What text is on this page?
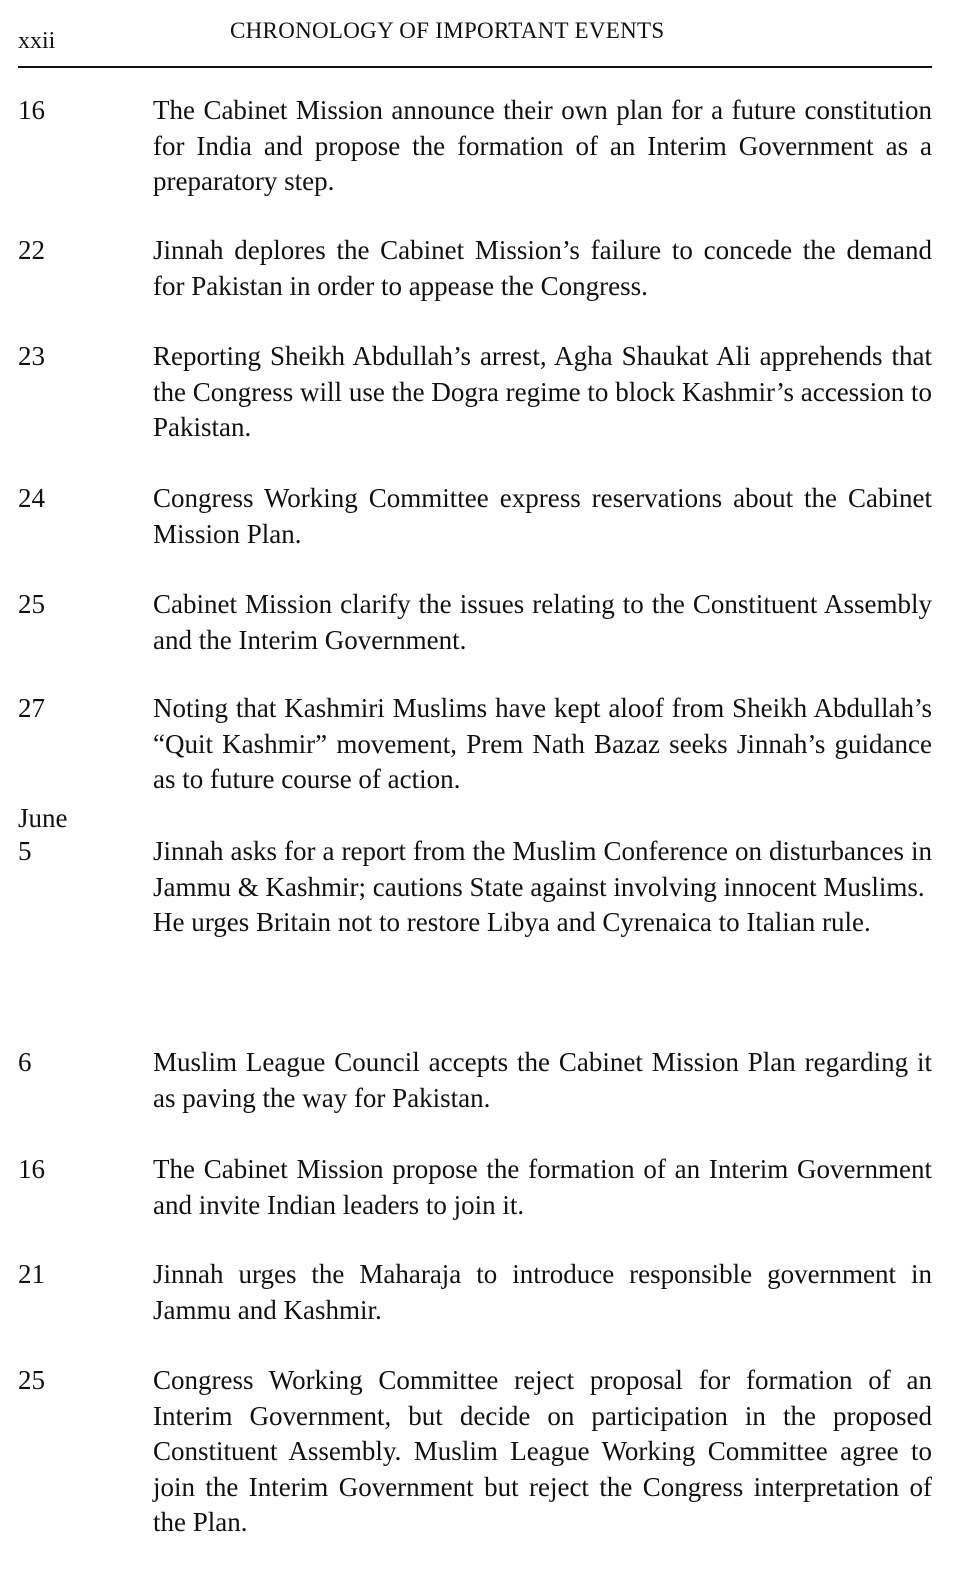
xxii	CHRONOLOGY OF IMPORTANT EVENTS
16	The Cabinet Mission announce their own plan for a future constitution for India and propose the formation of an Interim Government as a preparatory step.

22	Jinnah deplores the Cabinet Mission’s failure to concede the demand for Pakistan in order to appease the Congress.

23	Reporting Sheikh Abdullah’s arrest, Agha Shaukat Ali apprehends that the Congress will use the Dogra regime to block Kashmir’s accession to Pakistan.

24	Congress Working Committee express reservations about the Cabinet Mission Plan.

25	Cabinet Mission clarify the issues relating to the Constituent Assembly and the Interim Government.

27	Noting that Kashmiri Muslims have kept aloof from Sheikh Abdullah’s “Quit Kashmir” movement, Prem Nath Bazaz seeks Jinnah’s guidance as to future course of action.

June
5	Jinnah asks for a report from the Muslim Conference on disturbances in Jammu & Kashmir; cautions State against involving innocent Muslims.

He urges Britain not to restore Libya and Cyrenaica to Italian rule.

6	Muslim League Council accepts the Cabinet Mission Plan regarding it as paving the way for Pakistan.

16	The Cabinet Mission propose the formation of an Interim Government and invite Indian leaders to join it.

21	Jinnah urges the Maharaja to introduce responsible government in Jammu and Kashmir.

25	Congress Working Committee reject proposal for formation of an Interim Government, but decide on participation in the proposed Constituent Assembly. Muslim League Working Committee agree to join the Interim Government but reject the Congress interpretation of the Plan.
